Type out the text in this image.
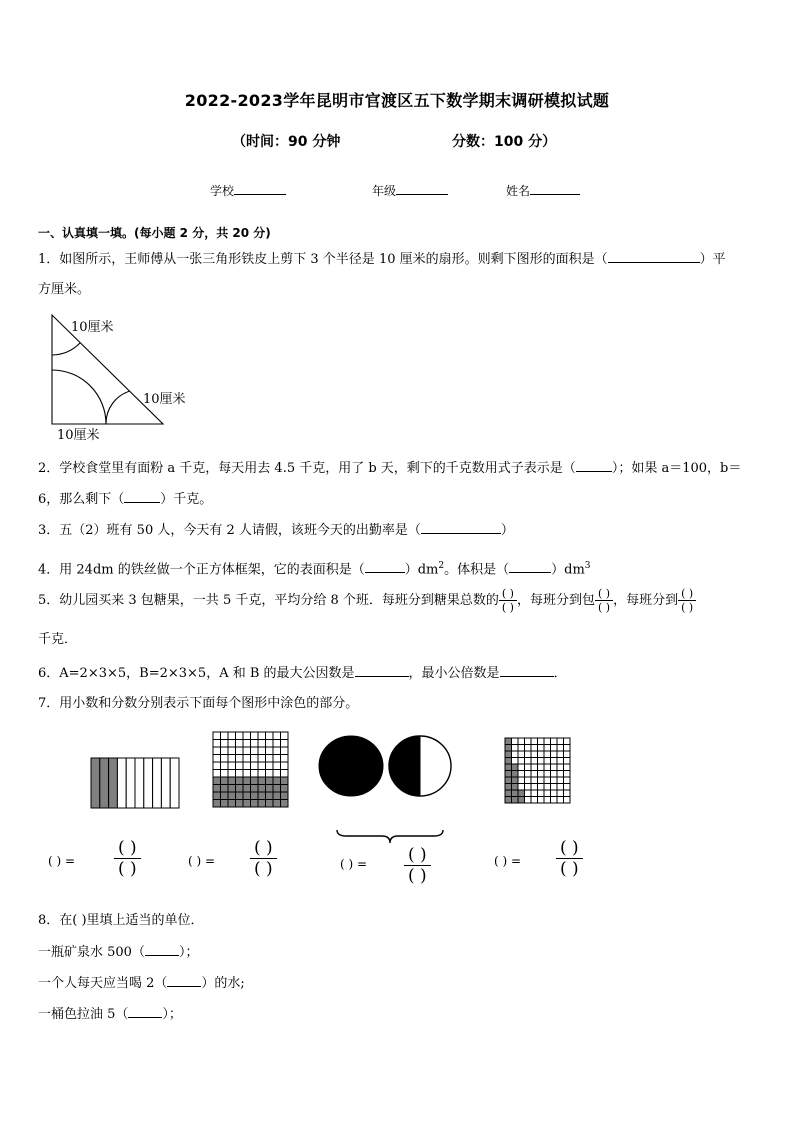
2022-2023学年昆明市官渡区五下数学期末调研模拟试题
（时间：90 分钟	分数：100 分）
学校	年级	姓名
一、认真填一填。(每小题 2 分，共 20 分)
1．如图所示，王师傅从一张三角形铁皮上剪下 3 个半径是 10 厘米的扇形。则剩下图形的面积是（	）平
方厘米。
10厘米
10厘米
10厘米
2．学校食堂里有面粉 a 千克，每天用去 4.5 千克，用了 b 天，剩下的千克数用式子表示是（	）；如果 a＝100，b＝
6，那么剩下（	）千克。
3．五（2）班有 50 人，今天有 2 人请假，该班今天的出勤率是（	）
4．用 24dm 的铁丝做一个正方体框架，它的表面积是（	）$dm^2$。体积是（	）$dm^3$
5．幼儿园买来 3 包糖果，一共 5 千克，平均分给 8 个班．每班分到糖果总数的 $\frac{( )}{( )}$ ，每班分到包 $\frac{( )}{( )}$ ，每班分到 $\frac{( )}{( )}$
千克．
6．A=2×3×5，B=2×3×5，A 和 B 的最大公因数是	，最小公倍数是	．
7．用小数和分数分别表示下面每个图形中涂色的部分。
( ) =
( )
( )	( ) =
( )
( )	( ) = ( )
( )
( ) =
( )
( )
8．在( )里填上适当的单位．
一瓶矿泉水 500（	）；
一个人每天应当喝 2（	）的水;
一桶色拉油 5（	）；
